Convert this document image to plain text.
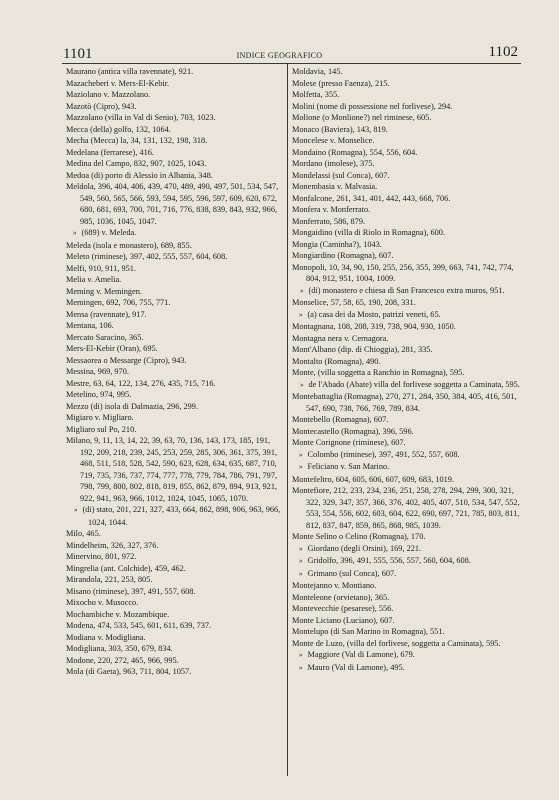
1101	INDICE GEOGRAFICO	1102
Maurano (antica villa ravennate), 921.
Mazacheberi v. Mers-El-Kebir.
Maziolano v. Mazzolano.
Mazotò (Cipro), 943.
Mazzolano (villa in Val di Senio), 703, 1023.
Mecca (della) golfo, 132, 1064.
Mecha (Mecca) la, 34, 131, 132, 198, 318.
Medelana (ferrarese), 416.
Medina del Campo, 832, 907, 1025, 1043.
Medoa (di) porto di Alessio in Albania, 348.
Meldola, 396, 404, 406, 439, 470, 489, 490, 497, 501, 534, 547, 549, 560, 565, 566, 593, 594, 595, 596, 597, 609, 620, 672, 680, 681, 693, 700, 701, 716, 776, 838, 839, 843, 932, 966, 985, 1036, 1045, 1047.
» (689) v. Meleda.
Meleda (isola e monastero), 689, 855.
Meleto (riminese), 397, 402, 555, 557, 604, 608.
Melfi, 910, 911, 951.
Melia v. Amelia.
Meming v. Memingen.
Memingen, 692, 706, 755, 771.
Mensa (ravennate), 917.
Mentana, 106.
Mercato Saracino, 365.
Mers-El-Kebir (Oran), 695.
Messaorea o Messarge (Cipro), 943.
Messina, 969, 970.
Mestre, 63, 64, 122, 134, 276, 435, 715, 716.
Metelino, 974, 995.
Mezzo (di) isola di Dalmazia, 296, 299.
Migiaro v. Migliaro.
Migliaro sul Po, 210.
Milano, 9, 11, 13, 14, 22, 39, 63, 70, 136, 143, 173, 185, 191, 192, 209, 218, 239, 245, 253, 259, 285, 306, 361, 375, 391, 468, 511, 518, 528, 542, 590, 623, 628, 634, 635, 687, 710, 719, 735, 736, 737, 774, 777, 778, 779, 784, 786, 791, 797, 798, 799, 800, 802, 818, 819, 855, 862, 879, 894, 913, 921, 922, 941, 963, 966, 1012, 1024, 1045, 1065, 1070.
» (di) stato, 201, 221, 327, 433, 664, 862, 898, 906, 963, 966, 1024, 1044.
Milo, 465.
Mindelheim, 326, 327, 376.
Minervino, 801, 972.
Mingrelia (ant. Colchide), 459, 462.
Mirandola, 221, 253, 805.
Misano (riminese), 397, 491, 557, 608.
Mixocho v. Musocco.
Mochambiche v. Mozambique.
Modena, 474, 533, 545, 601, 611, 639, 737.
Modiana v. Modigliana.
Modigliana, 303, 350, 679, 834.
Modone, 220, 272, 465, 966, 995.
Mola (di Gaeta), 963, 711, 804, 1057.
Moldavia, 145.
Molese (presso Faenza), 215.
Molfetta, 355.
Molini (nome di possessione nel forlivese), 294.
Molione (o Monlione?) nel riminese, 605.
Monaco (Baviera), 143, 819.
Moncelese v. Monselice.
Mondaino (Romagna), 554, 556, 604.
Mordano (imolese), 375.
Mondelassi (sul Conca), 607.
Monembasia v. Malvasia.
Monfalcone, 261, 341, 401, 442, 443, 668, 706.
Monfera v. Monferrato.
Monferrato, 586, 879.
Mongaidino (villa di Riolo in Romagna), 600.
Mongia (Caminha?), 1043.
Mongiardino (Romagna), 607.
Monopoli, 10, 34, 90, 150, 255, 256, 355, 399, 663, 741, 742, 774, 804, 912, 951, 1004, 1009.
» (di) monastero e chiesa di San Francesco extra muros, 951.
Monselice, 57, 58, 65, 190, 208, 331.
» (a) casa dei da Mosto, patrizi veneti, 65.
Montagnana, 108, 208, 319, 738, 904, 930, 1050.
Montagna nera v. Cernagora.
Mont'Albano (dip. di Chioggia), 281, 335.
Montalto (Romagna), 490.
Monte, (villa soggetta a Ranchio in Romagna), 595.
» de l'Abado (Abate) villa del forlivese soggetta a Caminata, 595.
Montebattaglia (Romagna), 270, 271, 284, 350, 384, 405, 416, 501, 547, 690, 738, 766, 769, 789, 834.
Montebello (Romagna), 607.
Montecastello (Romagna), 396, 596.
Monte Corignone (riminese), 607.
» Colombo (riminese), 397, 491, 552, 557, 608.
» Feliciano v. San Marino.
Montefeltro, 604, 605, 606, 607, 609, 683, 1019.
Montefiore, 212, 233, 234, 236, 251, 258, 278, 294, 299, 300, 321, 322, 329, 347, 357, 366, 376, 402, 405, 407, 510, 534, 547, 552, 553, 554, 556, 602, 603, 604, 622, 690, 697, 721, 785, 803, 811, 812, 837, 847, 859, 865, 868, 985, 1039.
Monte Selino o Celino (Romagna), 170.
» Giordano (degli Orsini), 169, 221.
» Gridolfo, 396, 491, 555, 556, 557, 560, 604, 608.
» Grimano (sul Conca), 607.
Montejanno v. Montiano.
Monteleone (orvietano), 365.
Montevecchie (pesarese), 556.
Monte Liciano (Luciano), 607.
Montelupo (di San Marino in Romagna), 551.
Monte de Luzo, (villa del forlivese, soggetta a Caminata), 595.
» Maggiore (Val di Lamone), 679.
» Mauro (Val di Lamone), 495.
